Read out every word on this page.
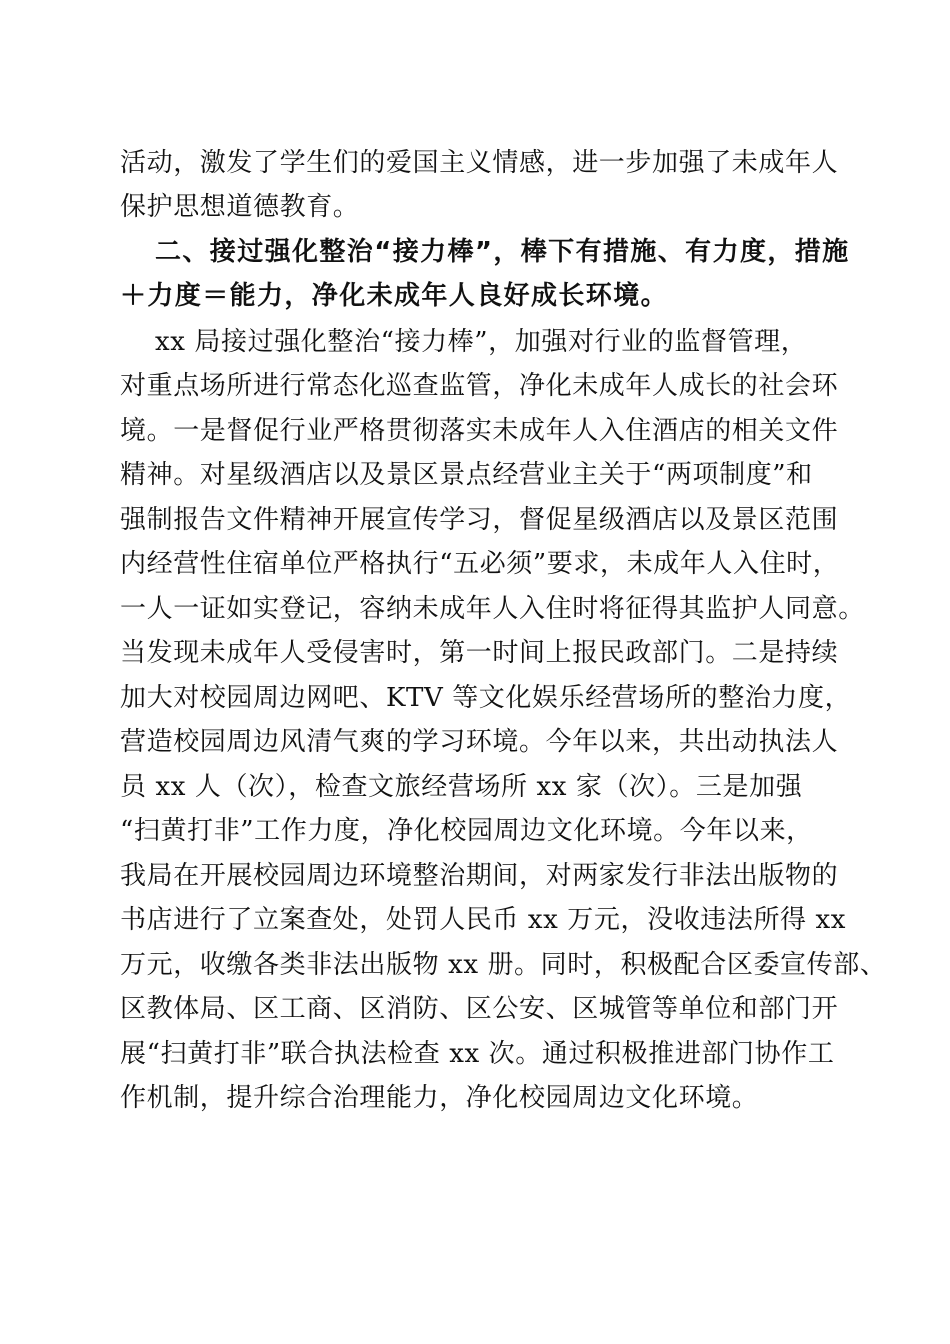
活动，激发了学生们的爱国主义情感，进一步加强了未成年人
保护思想道德教育。
二、接过强化整治“接力棒”，棒下有措施、有力度，措施
＋力度＝能力，净化未成年人良好成长环境。
xx 局接过强化整治“接力棒”，加强对行业的监督管理，
对重点场所进行常态化巡查监管，净化未成年人成长的社会环
境。一是督促行业严格贯彻落实未成年人入住酒店的相关文件
精神。对星级酒店以及景区景点经营业主关于“两项制度”和
强制报告文件精神开展宣传学习，督促星级酒店以及景区范围
内经营性住宿单位严格执行“五必须”要求，未成年人入住时，
一人一证如实登记，容纳未成年人入住时将征得其监护人同意。
当发现未成年人受侵害时，第一时间上报民政部门。二是持续
加大对校园周边网吧、KTV 等文化娱乐经营场所的整治力度，
营造校园周边风清气爽的学习环境。今年以来，共出动执法人
员 xx 人（次），检查文旅经营场所 xx 家（次）。三是加强
“扫黄打非”工作力度，净化校园周边文化环境。今年以来，
我局在开展校园周边环境整治期间，对两家发行非法出版物的
书店进行了立案查处，处罚人民币 xx 万元，没收违法所得 xx
万元，收缴各类非法出版物 xx 册。同时，积极配合区委宣传部、
区教体局、区工商、区消防、区公安、区城管等单位和部门开
展“扫黄打非”联合执法检查 xx 次。通过积极推进部门协作工
作机制，提升综合治理能力，净化校园周边文化环境。
